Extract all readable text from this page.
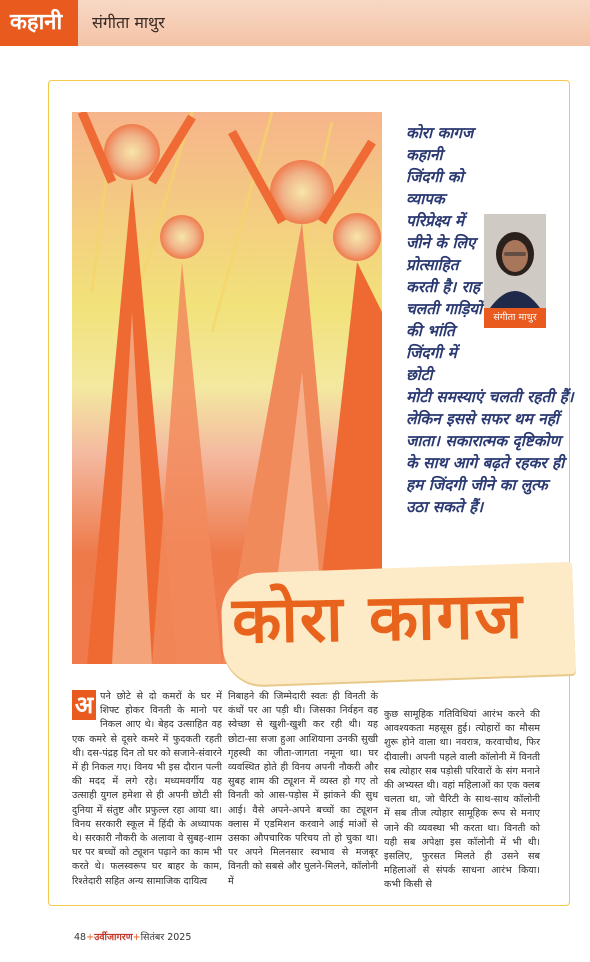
कहानी	संगीता माथुर
कोरा कागज कहानी जिंदगी को व्यापक परिप्रेक्ष्य में जीने के लिए प्रोत्साहित करती है। राह चलती गाड़ियों की भांति जिंदगी में छोटी
मोटी समस्याएं चलती रहती हैं। लेकिन इससे सफर थम नहीं जाता। सकारात्मक दृष्टिकोण के साथ आगे बढ़ते रहकर ही हम जिंदगी जीने का लुत्फ उठा सकते हैं।
संगीता माथुर
कोरा कागज
अ पने छोटे से दो कमरों के घर में शिफ्ट होकर विनती के मानो पर निकल आए थे। बेहद उत्साहित वह एक कमरे से दूसरे कमरे में फुदकती रहती थी। दस-पंद्रह दिन तो घर को सजाने-संवारने में ही निकल गए। विनय भी इस दौरान पत्नी की मदद में लगे रहे। मध्यमवर्गीय यह उत्साही युगल हमेशा से ही अपनी छोटी सी दुनिया में संतुष्ट और प्रफुल्ल रहा आया था। विनय सरकारी स्कूल में हिंदी के अध्यापक थे। सरकारी नौकरी के अलावा वे सुबह-शाम घर पर बच्चों को ट्यूशन पढ़ाने का काम भी करते थे। फलस्वरूप घर बाहर के काम, रिश्तेदारी सहित अन्य सामाजिक दायित्व
निबाहने की जिम्मेदारी स्वतः ही विनती के कंधों पर आ पड़ी थी। जिसका निर्वहन वह स्वेच्छा से खुशी-खुशी कर रही थी। यह छोटा-सा सजा हुआ आशियाना उनकी सुखी गृहस्थी का जीता-जागता नमूना था। घर व्यवस्थित होते ही विनय अपनी नौकरी और सुबह शाम की ट्यूशन में व्यस्त हो गए तो विनती को आस-पड़ोस में झांकने की सुध आई। वैसे अपने-अपने बच्चों का ट्यूशन क्लास में एडमिशन करवाने आई मांओं से उसका औपचारिक परिचय तो हो चुका था। पर अपने मिलनसार स्वभाव से मजबूर विनती को सबसे और घुलने-मिलने, कॉलोनी में
कुछ सामूहिक गतिविधियां आरंभ करने की आवश्यकता महसूस हुई। त्योहारों का मौसम शुरू होने वाला था। नवरात्र, करवाचौथ, फिर दीवाली। अपनी पहले वाली कॉलोनी में विनती सब त्योहार सब पड़ोसी परिवारों के संग मनाने की अभ्यस्त थी। वहां महिलाओं का एक क्लब चलता था, जो चैरिटी के साथ-साथ कॉलोनी में सब तीज त्योहार सामूहिक रूप से मनाए जाने की व्यवस्था भी करता था। विनती को यही सब अपेक्षा इस कॉलोनी में भी थी। इसलिए, फुरसत मिलते ही उसने सब महिलाओं से संपर्क साधना आरंभ किया। कभी किसी से
48+उर्वीजागरण+सितंबर 2025
